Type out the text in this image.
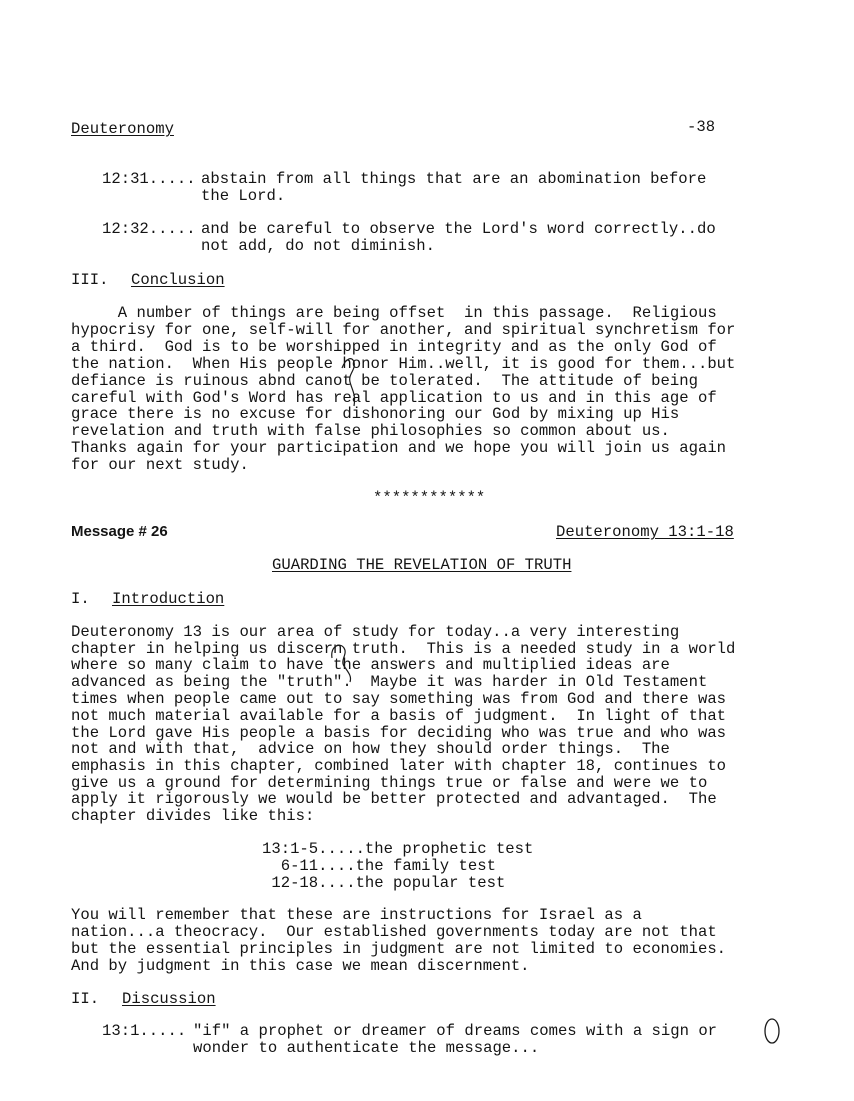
Deuteronomy	-38
12:31..... abstain from all things that are an abomination before
the Lord.
12:32..... and be careful to observe the Lord's word correctly..do
not add, do not diminish.
III. Conclusion
A number of things are being offset  in this passage.  Religious
hypocrisy for one, self-will for another, and spiritual synchretism for
a third.  God is to be worshipped in integrity and as the only God of
the nation.  When His people honor Him..well, it is good for them...but
defiance is ruinous abnd canot be tolerated.  The attitude of being
careful with God's Word has real application to us and in this age of
grace there is no excuse for dishonoring our God by mixing up His
revelation and truth with false philosophies so common about us.
Thanks again for your participation and we hope you will join us again
for our next study.
************
Message # 26	Deuteronomy 13:1-18
GUARDING THE REVELATION OF TRUTH
I. Introduction
Deuteronomy 13 is our area of study for today..a very interesting
chapter in helping us discern truth.  This is a needed study in a world
where so many claim to have the answers and multiplied ideas are
advanced as being the "truth".  Maybe it was harder in Old Testament
times when people came out to say something was from God and there was
not much material available for a basis of judgment.  In light of that
the Lord gave His people a basis for deciding who was true and who was
not and with that,  advice on how they should order things.  The
emphasis in this chapter, combined later with chapter 18, continues to
give us a ground for determining things true or false and were we to
apply it rigorously we would be better protected and advantaged.  The
chapter divides like this:
13:1-5.....the prophetic test
6-11....the family test
12-18....the popular test
You will remember that these are instructions for Israel as a
nation...a theocracy.  Our established governments today are not that
but the essential principles in judgment are not limited to economies.
And by judgment in this case we mean discernment.
II. Discussion
13:1..... "if" a prophet or dreamer of dreams comes with a sign or
wonder to authenticate the message...
